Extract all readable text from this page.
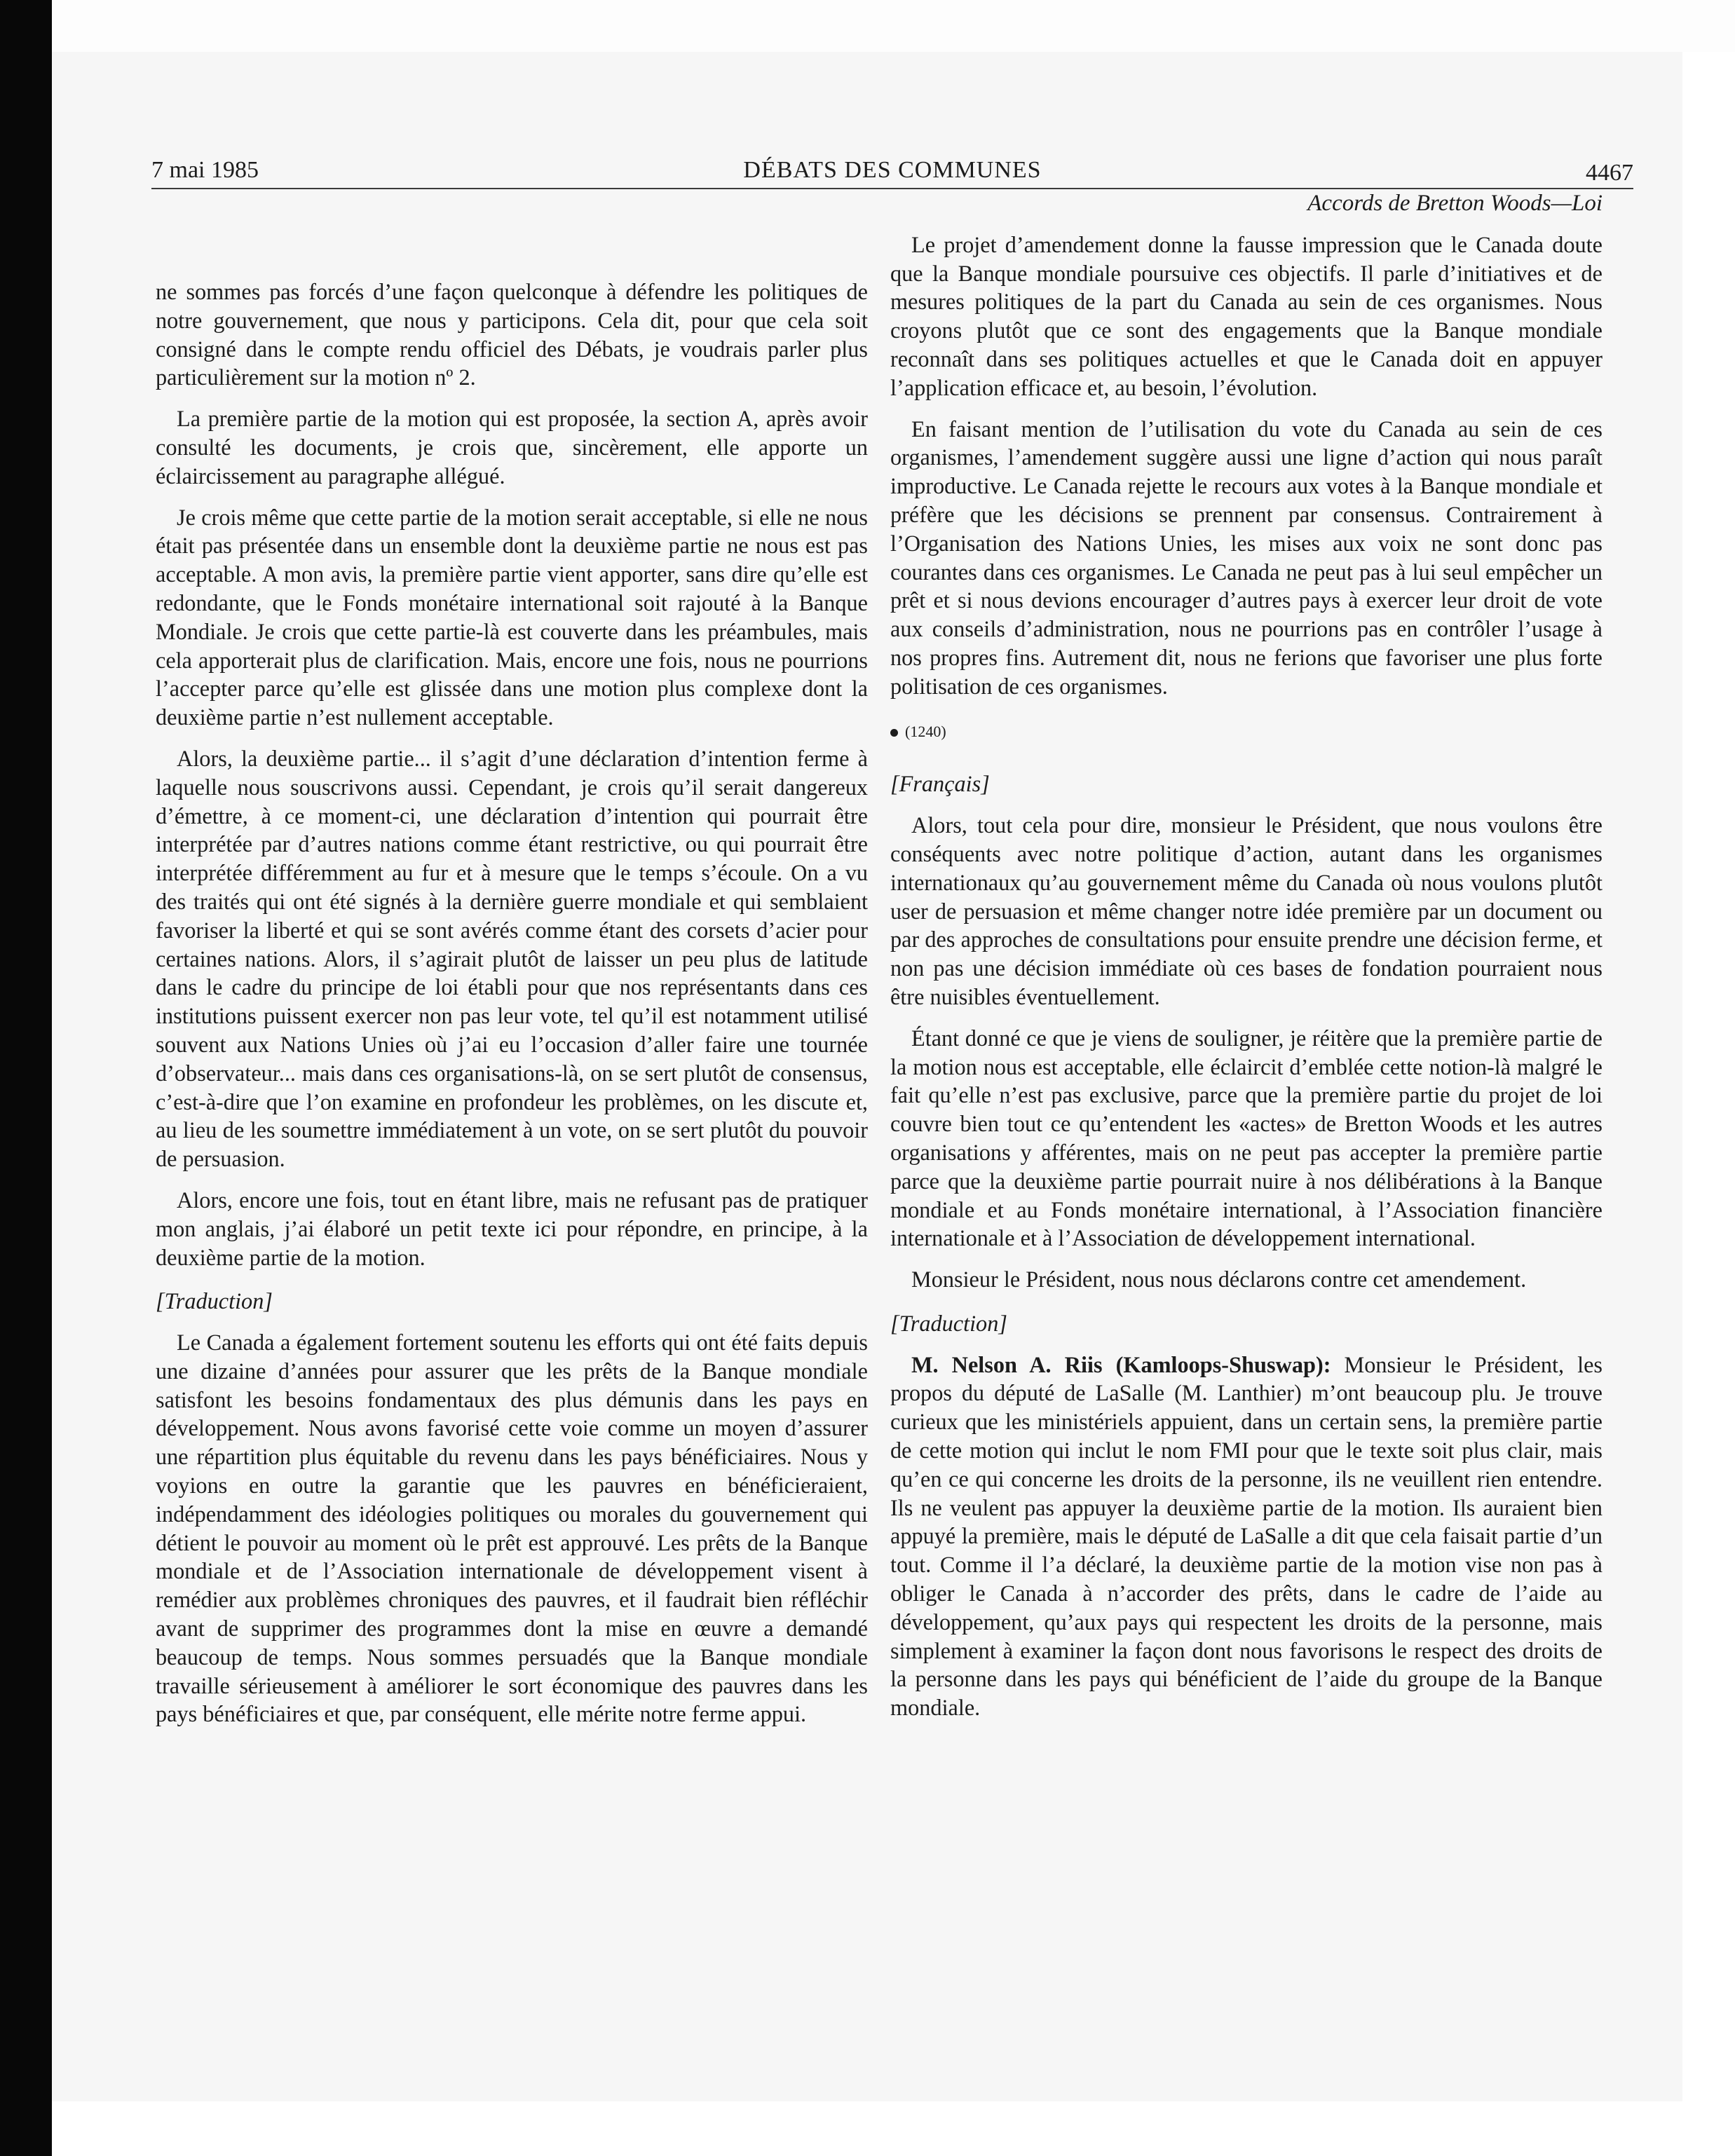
7 mai 1985	DÉBATS DES COMMUNES	4467

ne sommes pas forcés d’une façon quelconque à défendre les politiques de notre gouvernement, que nous y participons. Cela dit, pour que cela soit consigné dans le compte rendu officiel des Débats, je voudrais parler plus particulièrement sur la motion nº 2.

La première partie de la motion qui est proposée, la section A, après avoir consulté les documents, je crois que, sincèrement, elle apporte un éclaircissement au paragraphe allégué.

Je crois même que cette partie de la motion serait acceptable, si elle ne nous était pas présentée dans un ensemble dont la deuxième partie ne nous est pas acceptable. A mon avis, la première partie vient apporter, sans dire qu’elle est redondante, que le Fonds monétaire international soit rajouté à la Banque Mondiale. Je crois que cette partie-là est couverte dans les préambules, mais cela apporterait plus de clarification. Mais, encore une fois, nous ne pourrions l’accepter parce qu’elle est glissée dans une motion plus complexe dont la deuxième partie n’est nullement acceptable.

Alors, la deuxième partie... il s’agit d’une déclaration d’intention ferme à laquelle nous souscrivons aussi. Cependant, je crois qu’il serait dangereux d’émettre, à ce moment-ci, une déclaration d’intention qui pourrait être interprétée par d’autres nations comme étant restrictive, ou qui pourrait être interprétée différemment au fur et à mesure que le temps s’écoule. On a vu des traités qui ont été signés à la dernière guerre mondiale et qui semblaient favoriser la liberté et qui se sont avérés comme étant des corsets d’acier pour certaines nations. Alors, il s’agirait plutôt de laisser un peu plus de latitude dans le cadre du principe de loi établi pour que nos représentants dans ces institutions puissent exercer non pas leur vote, tel qu’il est notamment utilisé souvent aux Nations Unies où j’ai eu l’occasion d’aller faire une tournée d’observateur... mais dans ces organisations-là, on se sert plutôt de consensus, c’est-à-dire que l’on examine en profondeur les problèmes, on les discute et, au lieu de les soumettre immédiatement à un vote, on se sert plutôt du pouvoir de persuasion.

Alors, encore une fois, tout en étant libre, mais ne refusant pas de pratiquer mon anglais, j’ai élaboré un petit texte ici pour répondre, en principe, à la deuxième partie de la motion.

[Traduction]

Le Canada a également fortement soutenu les efforts qui ont été faits depuis une dizaine d’années pour assurer que les prêts de la Banque mondiale satisfont les besoins fondamentaux des plus démunis dans les pays en développement. Nous avons favorisé cette voie comme un moyen d’assurer une répartition plus équitable du revenu dans les pays bénéficiaires. Nous y voyions en outre la garantie que les pauvres en bénéficieraient, indépendamment des idéologies politiques ou morales du gouvernement qui détient le pouvoir au moment où le prêt est approuvé. Les prêts de la Banque mondiale et de l’Association internationale de développement visent à remédier aux problèmes chroniques des pauvres, et il faudrait bien réfléchir avant de supprimer des programmes dont la mise en œuvre a demandé beaucoup de temps. Nous sommes persuadés que la Banque mondiale travaille sérieusement à améliorer le sort économique des pauvres dans les pays bénéficiaires et que, par conséquent, elle mérite notre ferme appui.

Accords de Bretton Woods—Loi

Le projet d’amendement donne la fausse impression que le Canada doute que la Banque mondiale poursuive ces objectifs. Il parle d’initiatives et de mesures politiques de la part du Canada au sein de ces organismes. Nous croyons plutôt que ce sont des engagements que la Banque mondiale reconnaît dans ses politiques actuelles et que le Canada doit en appuyer l’application efficace et, au besoin, l’évolution.

En faisant mention de l’utilisation du vote du Canada au sein de ces organismes, l’amendement suggère aussi une ligne d’action qui nous paraît improductive. Le Canada rejette le recours aux votes à la Banque mondiale et préfère que les décisions se prennent par consensus. Contrairement à l’Organisation des Nations Unies, les mises aux voix ne sont donc pas courantes dans ces organismes. Le Canada ne peut pas à lui seul empêcher un prêt et si nous devions encourager d’autres pays à exercer leur droit de vote aux conseils d’administration, nous ne pourrions pas en contrôler l’usage à nos propres fins. Autrement dit, nous ne ferions que favoriser une plus forte politisation de ces organismes.

(1240)

[Français]

Alors, tout cela pour dire, monsieur le Président, que nous voulons être conséquents avec notre politique d’action, autant dans les organismes internationaux qu’au gouvernement même du Canada où nous voulons plutôt user de persuasion et même changer notre idée première par un document ou par des approches de consultations pour ensuite prendre une décision ferme, et non pas une décision immédiate où ces bases de fondation pourraient nous être nuisibles éventuellement.

Étant donné ce que je viens de souligner, je réitère que la première partie de la motion nous est acceptable, elle éclaircit d’emblée cette notion-là malgré le fait qu’elle n’est pas exclusive, parce que la première partie du projet de loi couvre bien tout ce qu’entendent les «actes» de Bretton Woods et les autres organisations y afférentes, mais on ne peut pas accepter la première partie parce que la deuxième partie pourrait nuire à nos délibérations à la Banque mondiale et au Fonds monétaire international, à l’Association financière internationale et à l’Association de développement international.

Monsieur le Président, nous nous déclarons contre cet amendement.

[Traduction]

M. Nelson A. Riis (Kamloops-Shuswap): Monsieur le Président, les propos du député de LaSalle (M. Lanthier) m’ont beaucoup plu. Je trouve curieux que les ministériels appuient, dans un certain sens, la première partie de cette motion qui inclut le nom FMI pour que le texte soit plus clair, mais qu’en ce qui concerne les droits de la personne, ils ne veuillent rien entendre. Ils ne veulent pas appuyer la deuxième partie de la motion. Ils auraient bien appuyé la première, mais le député de LaSalle a dit que cela faisait partie d’un tout. Comme il l’a déclaré, la deuxième partie de la motion vise non pas à obliger le Canada à n’accorder des prêts, dans le cadre de l’aide au développement, qu’aux pays qui respectent les droits de la personne, mais simplement à examiner la façon dont nous favorisons le respect des droits de la personne dans les pays qui bénéficient de l’aide du groupe de la Banque mondiale.
